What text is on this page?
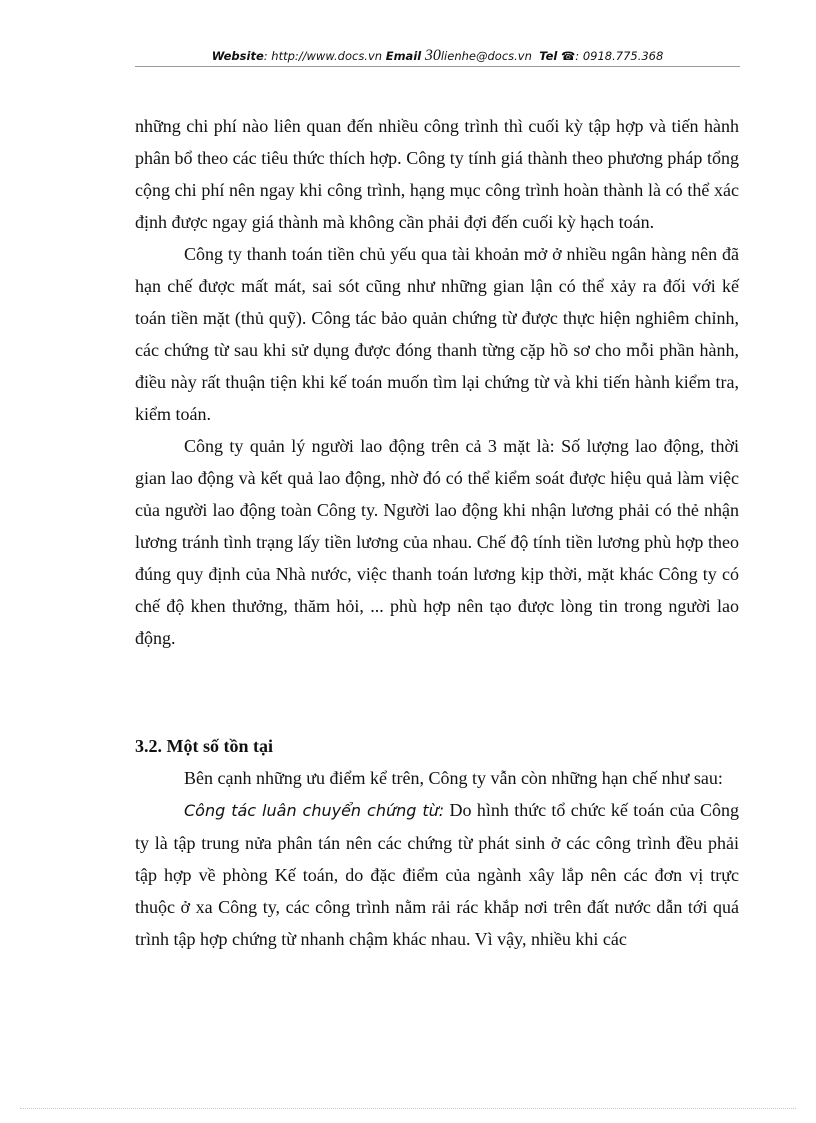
Website: http://www.docs.vn Email 30lienhe@docs.vn Tel ☎: 0918.775.368

những chi phí nào liên quan đến nhiều công trình thì cuối kỳ tập hợp và tiến hành phân bổ theo các tiêu thức thích hợp. Công ty tính giá thành theo phương pháp tổng cộng chi phí nên ngay khi công trình, hạng mục công trình hoàn thành là có thể xác định được ngay giá thành mà không cần phải đợi đến cuối kỳ hạch toán.

Công ty thanh toán tiền chủ yếu qua tài khoản mở ở nhiều ngân hàng nên đã hạn chế được mất mát, sai sót cũng như những gian lận có thể xảy ra đối với kế toán tiền mặt (thủ quỹ). Công tác bảo quản chứng từ được thực hiện nghiêm chỉnh, các chứng từ sau khi sử dụng được đóng thanh từng cặp hồ sơ cho mỗi phần hành, điều này rất thuận tiện khi kế toán muốn tìm lại chứng từ và khi tiến hành kiểm tra, kiểm toán.

Công ty quản lý người lao động trên cả 3 mặt là: Số lượng lao động, thời gian lao động và kết quả lao động, nhờ đó có thể kiểm soát được hiệu quả làm việc của người lao động toàn Công ty. Người lao động khi nhận lương phải có thẻ nhận lương tránh tình trạng lấy tiền lương của nhau. Chế độ tính tiền lương phù hợp theo đúng quy định của Nhà nước, việc thanh toán lương kịp thời, mặt khác Công ty có chế độ khen thưởng, thăm hỏi, ... phù hợp nên tạo được lòng tin trong người lao động.

3.2. Một số tồn tại

Bên cạnh những ưu điểm kể trên, Công ty vẫn còn những hạn chế như sau:

Công tác luân chuyển chứng từ: Do hình thức tổ chức kế toán của Công ty là tập trung nửa phân tán nên các chứng từ phát sinh ở các công trình đều phải tập hợp về phòng Kế toán, do đặc điểm của ngành xây lắp nên các đơn vị trực thuộc ở xa Công ty, các công trình nằm rải rác khắp nơi trên đất nước dẫn tới quá trình tập hợp chứng từ nhanh chậm khác nhau. Vì vậy, nhiều khi các
